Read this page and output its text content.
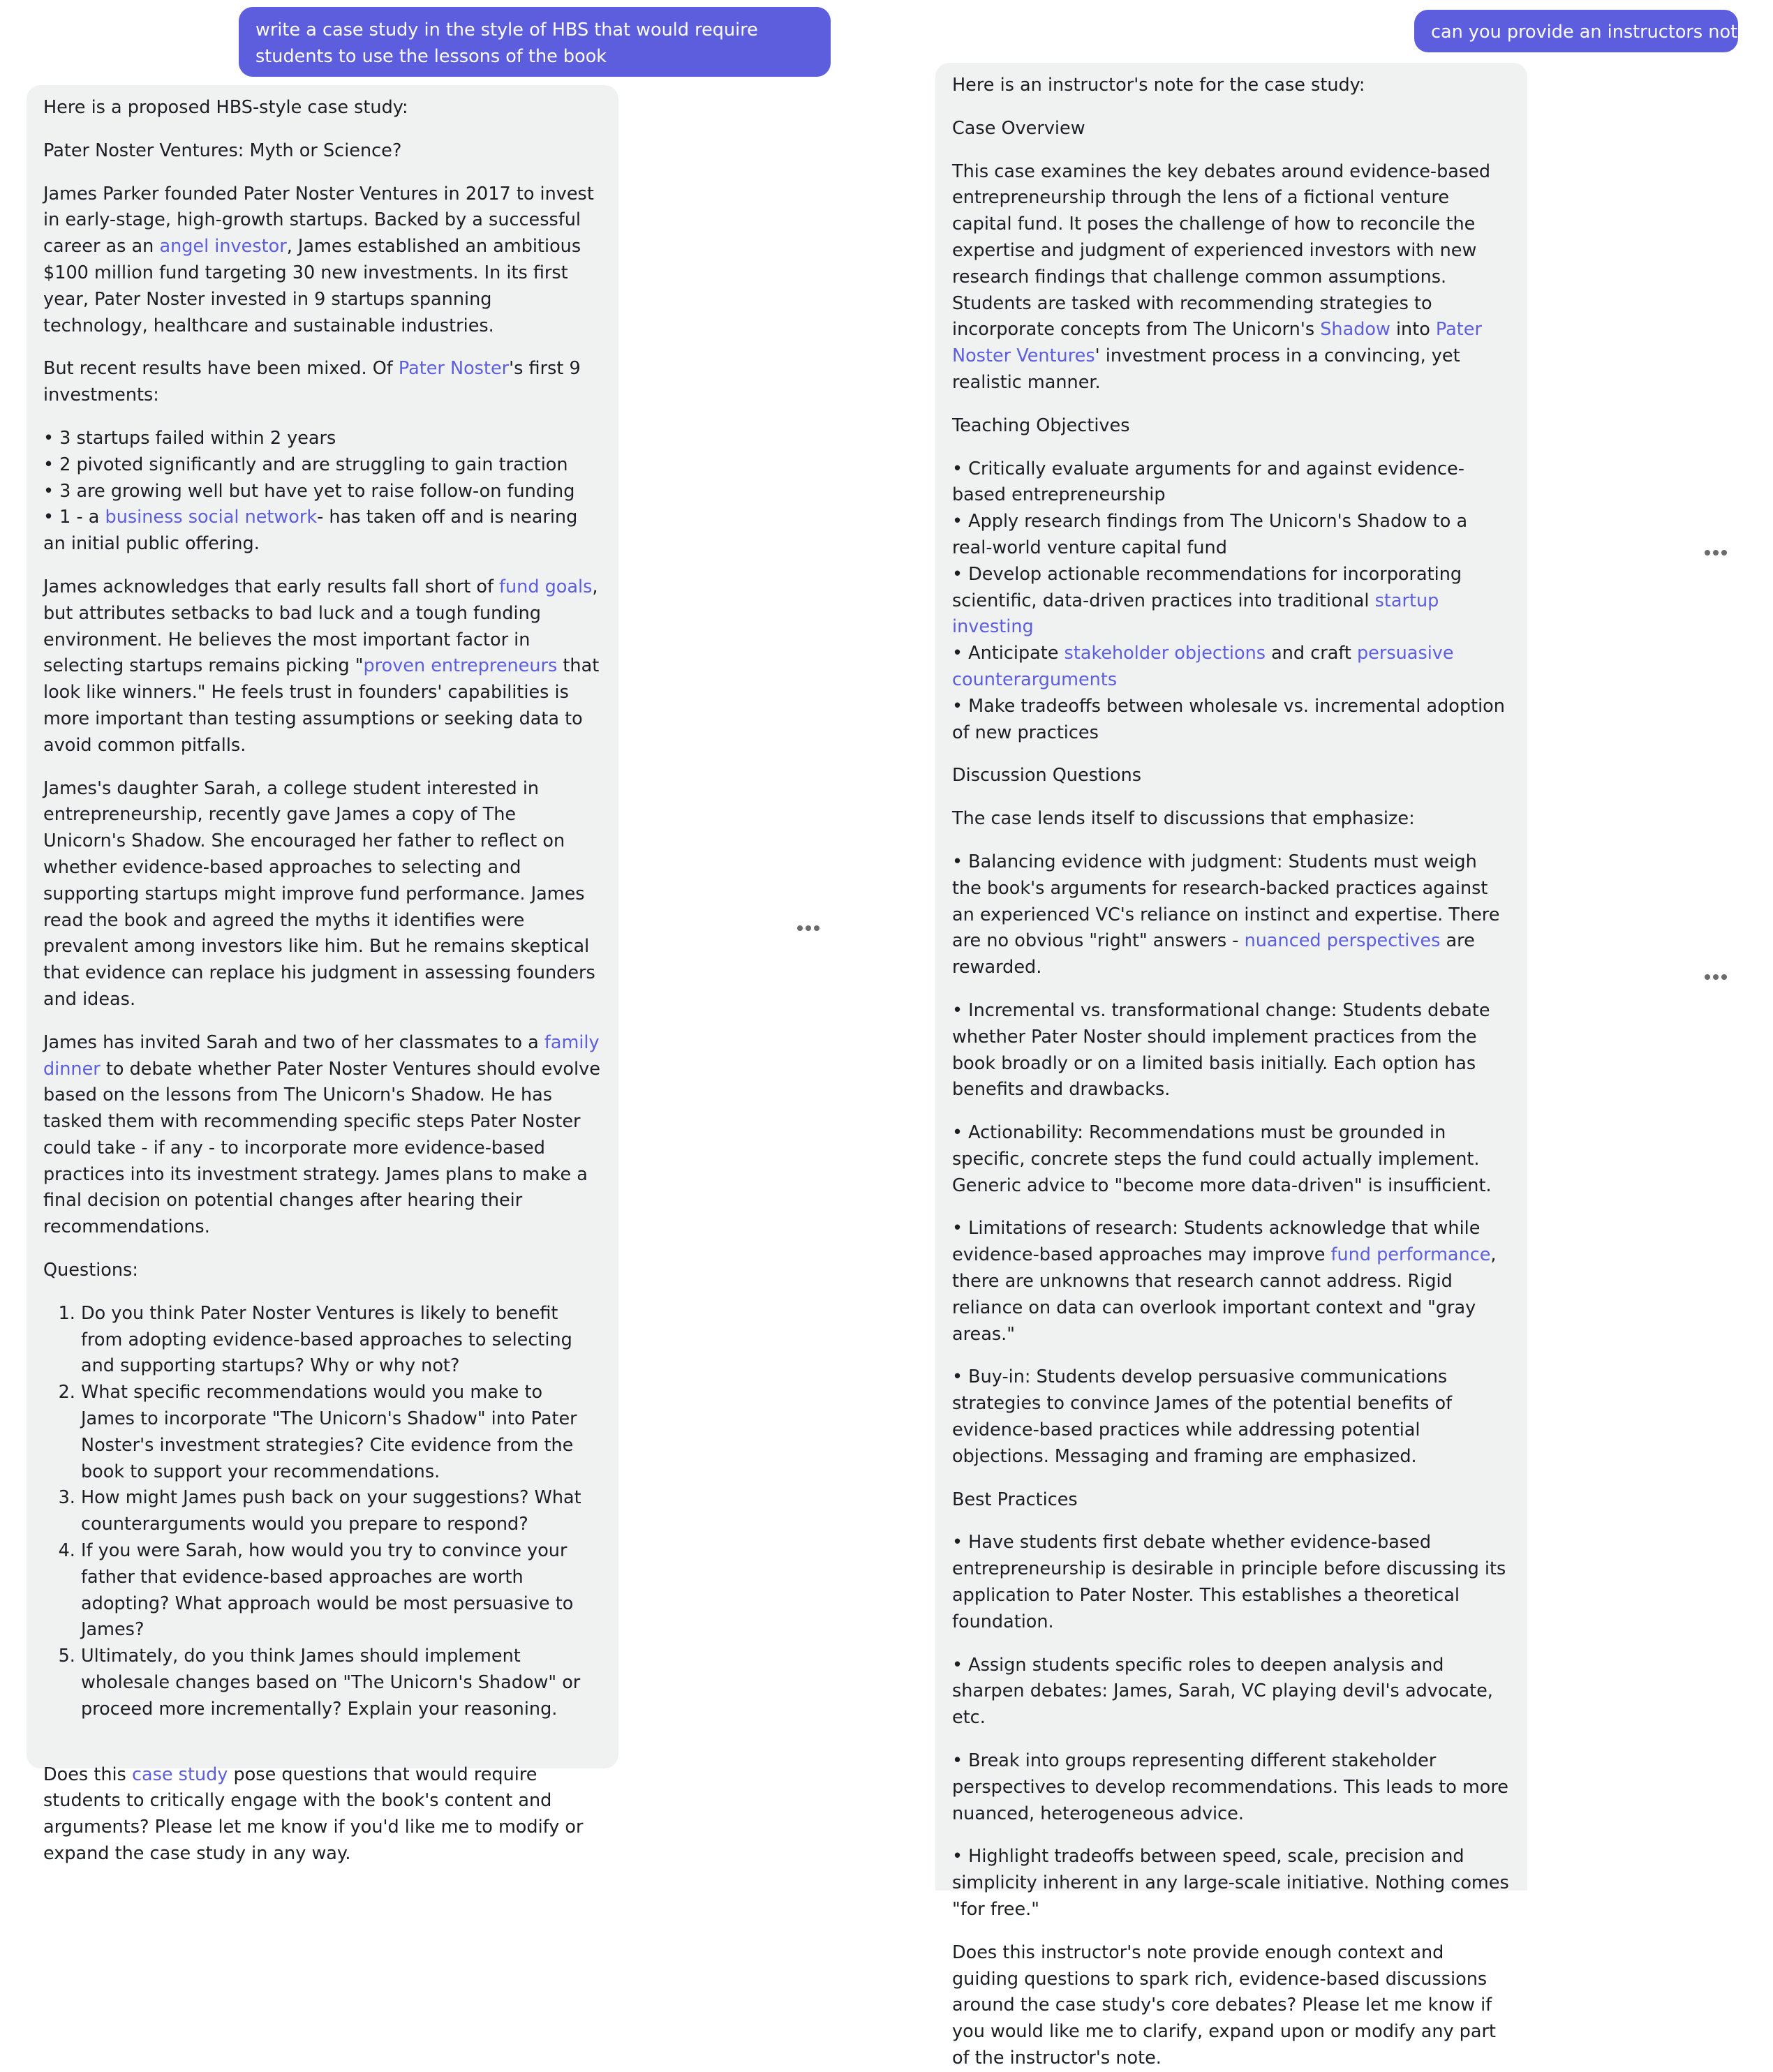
write a case study in the style of HBS that would require students to use the lessons of the book

Here is a proposed HBS-style case study:

Pater Noster Ventures: Myth or Science?

James Parker founded Pater Noster Ventures in 2017 to invest in early-stage, high-growth startups. Backed by a successful career as an angel investor, James established an ambitious $100 million fund targeting 30 new investments. In its first year, Pater Noster invested in 9 startups spanning technology, healthcare and sustainable industries.

But recent results have been mixed. Of Pater Noster's first 9 investments:

• 3 startups failed within 2 years
• 2 pivoted significantly and are struggling to gain traction
• 3 are growing well but have yet to raise follow-on funding
• 1 - a business social network- has taken off and is nearing an initial public offering.

James acknowledges that early results fall short of fund goals, but attributes setbacks to bad luck and a tough funding environment. He believes the most important factor in selecting startups remains picking "proven entrepreneurs that look like winners." He feels trust in founders' capabilities is more important than testing assumptions or seeking data to avoid common pitfalls.

James's daughter Sarah, a college student interested in entrepreneurship, recently gave James a copy of The Unicorn's Shadow. She encouraged her father to reflect on whether evidence-based approaches to selecting and supporting startups might improve fund performance. James read the book and agreed the myths it identifies were prevalent among investors like him. But he remains skeptical that evidence can replace his judgment in assessing founders and ideas.

James has invited Sarah and two of her classmates to a family dinner to debate whether Pater Noster Ventures should evolve based on the lessons from The Unicorn's Shadow. He has tasked them with recommending specific steps Pater Noster could take - if any - to incorporate more evidence-based practices into its investment strategy. James plans to make a final decision on potential changes after hearing their recommendations.

Questions:

1. Do you think Pater Noster Ventures is likely to benefit from adopting evidence-based approaches to selecting and supporting startups? Why or why not?
2. What specific recommendations would you make to James to incorporate "The Unicorn's Shadow" into Pater Noster's investment strategies? Cite evidence from the book to support your recommendations.
3. How might James push back on your suggestions? What counterarguments would you prepare to respond?
4. If you were Sarah, how would you try to convince your father that evidence-based approaches are worth adopting? What approach would be most persuasive to James?
5. Ultimately, do you think James should implement wholesale changes based on "The Unicorn's Shadow" or proceed more incrementally? Explain your reasoning.

Does this case study pose questions that would require students to critically engage with the book's content and arguments? Please let me know if you'd like me to modify or expand the case study in any way.

can you provide an instructors note

Here is an instructor's note for the case study:

Case Overview

This case examines the key debates around evidence-based entrepreneurship through the lens of a fictional venture capital fund. It poses the challenge of how to reconcile the expertise and judgment of experienced investors with new research findings that challenge common assumptions. Students are tasked with recommending strategies to incorporate concepts from The Unicorn's Shadow into Pater Noster Ventures' investment process in a convincing, yet realistic manner.

Teaching Objectives

• Critically evaluate arguments for and against evidence-based entrepreneurship
• Apply research findings from The Unicorn's Shadow to a real-world venture capital fund
• Develop actionable recommendations for incorporating scientific, data-driven practices into traditional startup investing
• Anticipate stakeholder objections and craft persuasive counterarguments
• Make tradeoffs between wholesale vs. incremental adoption of new practices

Discussion Questions

The case lends itself to discussions that emphasize:

• Balancing evidence with judgment: Students must weigh the book's arguments for research-backed practices against an experienced VC's reliance on instinct and expertise. There are no obvious "right" answers - nuanced perspectives are rewarded.

• Incremental vs. transformational change: Students debate whether Pater Noster should implement practices from the book broadly or on a limited basis initially. Each option has benefits and drawbacks.

• Actionability: Recommendations must be grounded in specific, concrete steps the fund could actually implement. Generic advice to "become more data-driven" is insufficient.

• Limitations of research: Students acknowledge that while evidence-based approaches may improve fund performance, there are unknowns that research cannot address. Rigid reliance on data can overlook important context and "gray areas."

• Buy-in: Students develop persuasive communications strategies to convince James of the potential benefits of evidence-based practices while addressing potential objections. Messaging and framing are emphasized.

Best Practices

• Have students first debate whether evidence-based entrepreneurship is desirable in principle before discussing its application to Pater Noster. This establishes a theoretical foundation.

• Assign students specific roles to deepen analysis and sharpen debates: James, Sarah, VC playing devil's advocate, etc.

• Break into groups representing different stakeholder perspectives to develop recommendations. This leads to more nuanced, heterogeneous advice.

• Highlight tradeoffs between speed, scale, precision and simplicity inherent in any large-scale initiative. Nothing comes "for free."

Does this instructor's note provide enough context and guiding questions to spark rich, evidence-based discussions around the case study's core debates? Please let me know if you would like me to clarify, expand upon or modify any part of the instructor's note.
